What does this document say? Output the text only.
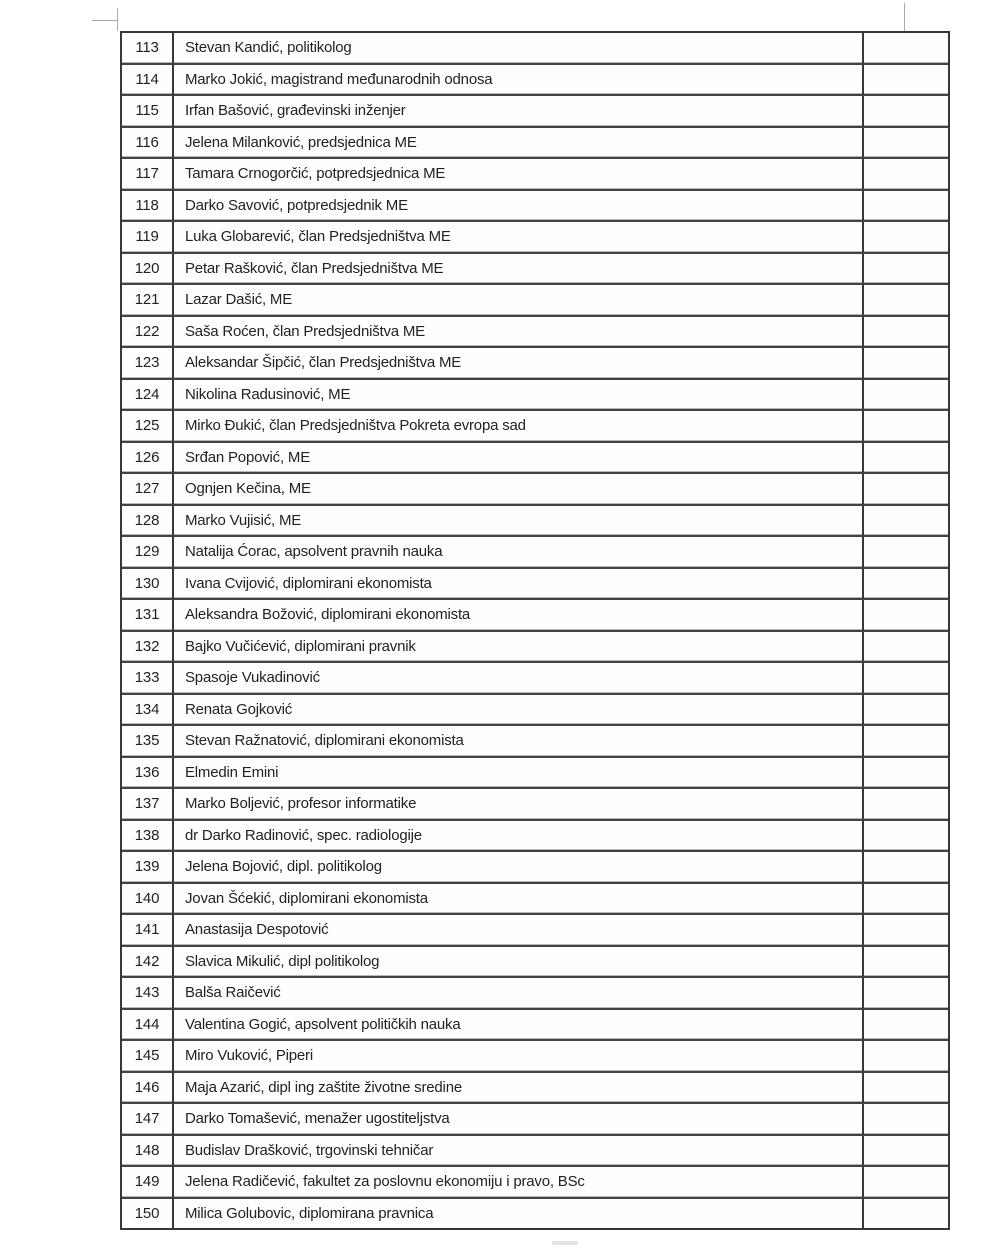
113	Stevan Kandić, politikolog
114	Marko Jokić, magistrand međunarodnih odnosa
115	Irfan Bašović, građevinski inženjer
116	Jelena Milanković, predsjednica ME
117	Tamara Crnogorčić, potpredsjednica ME
118	Darko Savović, potpredsjednik ME
119	Luka Globarević, član Predsjedništva ME
120	Petar Rašković, član Predsjedništva ME
121	Lazar Dašić, ME
122	Saša Roćen, član Predsjedništva ME
123	Aleksandar Šipčić, član Predsjedništva ME
124	Nikolina Radusinović, ME
125	Mirko Đukić, član Predsjedništva Pokreta evropa sad
126	Srđan Popović, ME
127	Ognjen Kečina, ME
128	Marko Vujisić, ME
129	Natalija Ćorac, apsolvent pravnih nauka
130	Ivana Cvijović, diplomirani ekonomista
131	Aleksandra Božović, diplomirani ekonomista
132	Bajko Vučićević, diplomirani pravnik
133	Spasoje Vukadinović
134	Renata Gojković
135	Stevan Ražnatović, diplomirani ekonomista
136	Elmedin Emini
137	Marko Boljević, profesor informatike
138	dr Darko Radinović, spec. radiologije
139	Jelena Bojović, dipl. politikolog
140	Jovan Šćekić, diplomirani ekonomista
141	Anastasija Despotović
142	Slavica Mikulić, dipl politikolog
143	Balša Raičević
144	Valentina Gogić, apsolvent političkih nauka
145	Miro Vuković, Piperi
146	Maja Azarić, dipl ing zaštite životne sredine
147	Darko Tomašević, menažer ugostiteljstva
148	Budislav Drašković, trgovinski tehničar
149	Jelena Radičević, fakultet za poslovnu ekonomiju i pravo, BSc
150	Milica Golubovic, diplomirana pravnica
